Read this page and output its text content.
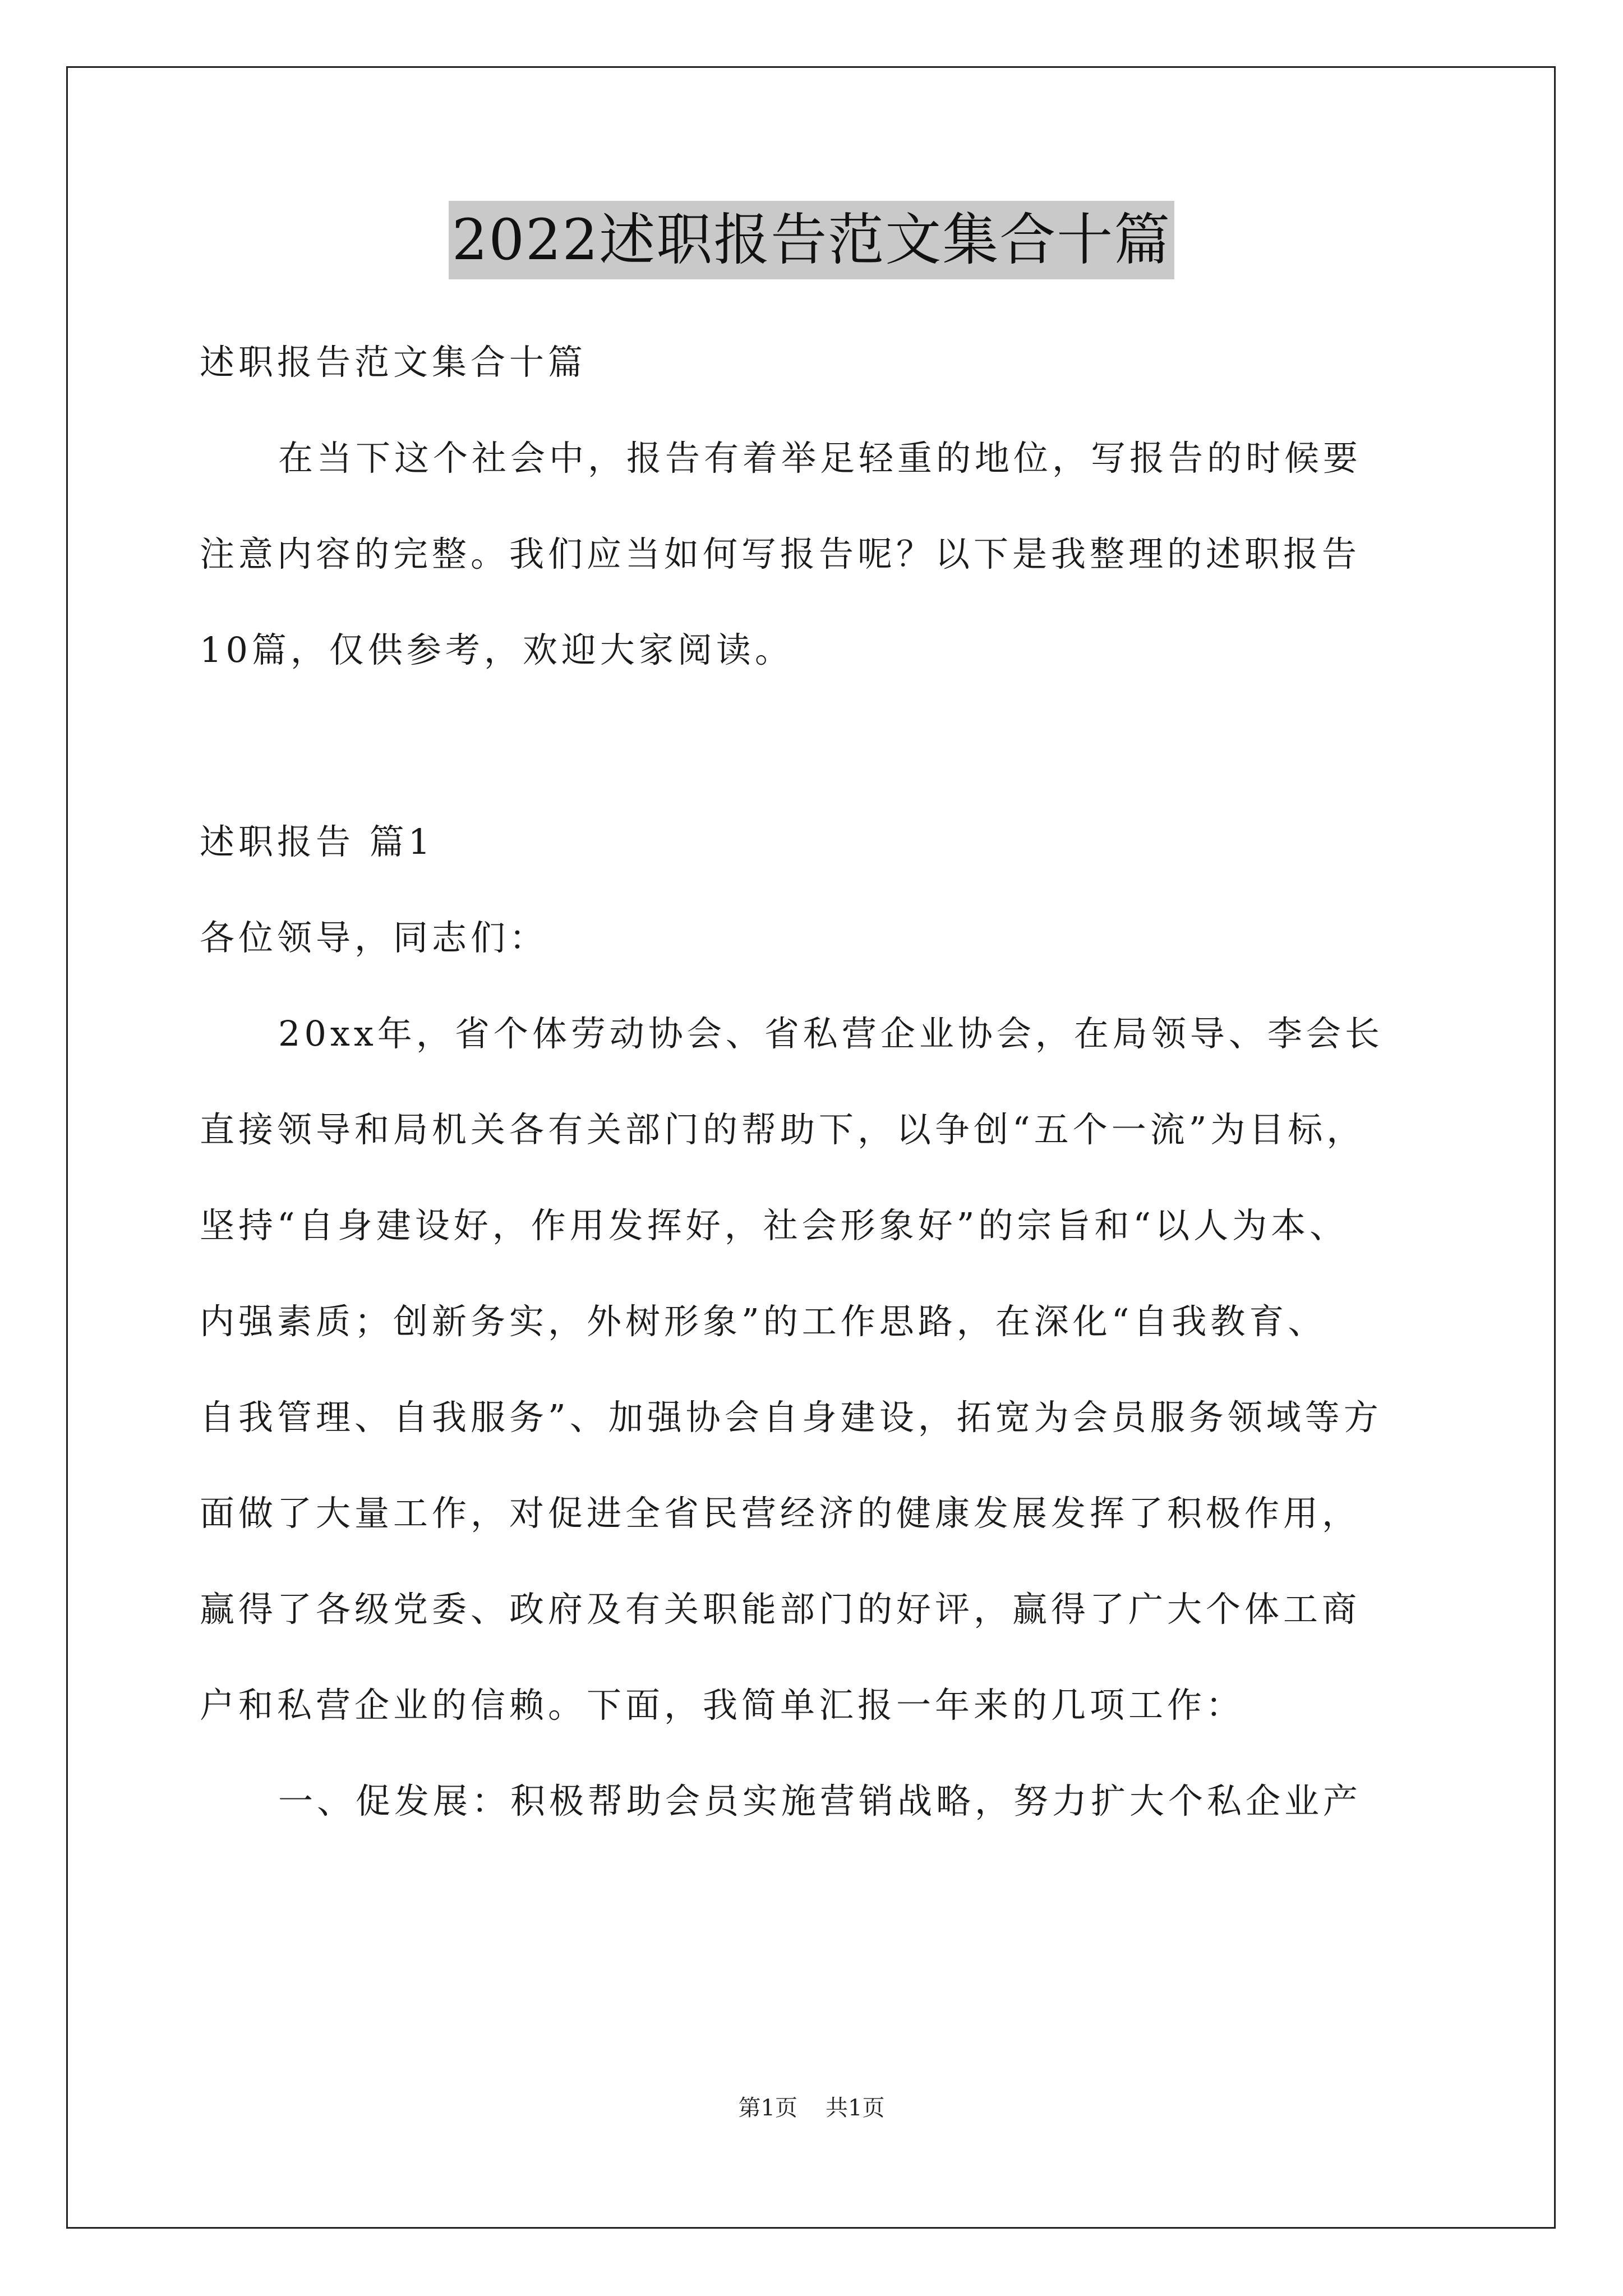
2022述职报告范文集合十篇

述职报告范文集合十篇

在当下这个社会中，报告有着举足轻重的地位，写报告的时候要

注意内容的完整。我们应当如何写报告呢？以下是我整理的述职报告

10篇，仅供参考，欢迎大家阅读。

述职报告 篇1

各位领导，同志们：

20xx年，省个体劳动协会、省私营企业协会，在局领导、李会长

直接领导和局机关各有关部门的帮助下，以争创“五个一流”为目标，

坚持“自身建设好，作用发挥好，社会形象好”的宗旨和“以人为本、

内强素质；创新务实，外树形象”的工作思路，在深化“自我教育、

自我管理、自我服务”、加强协会自身建设，拓宽为会员服务领域等方

面做了大量工作，对促进全省民营经济的健康发展发挥了积极作用，

赢得了各级党委、政府及有关职能部门的好评，赢得了广大个体工商

户和私营企业的信赖。下面，我简单汇报一年来的几项工作：

一、促发展：积极帮助会员实施营销战略，努力扩大个私企业产

第1页 共1页
